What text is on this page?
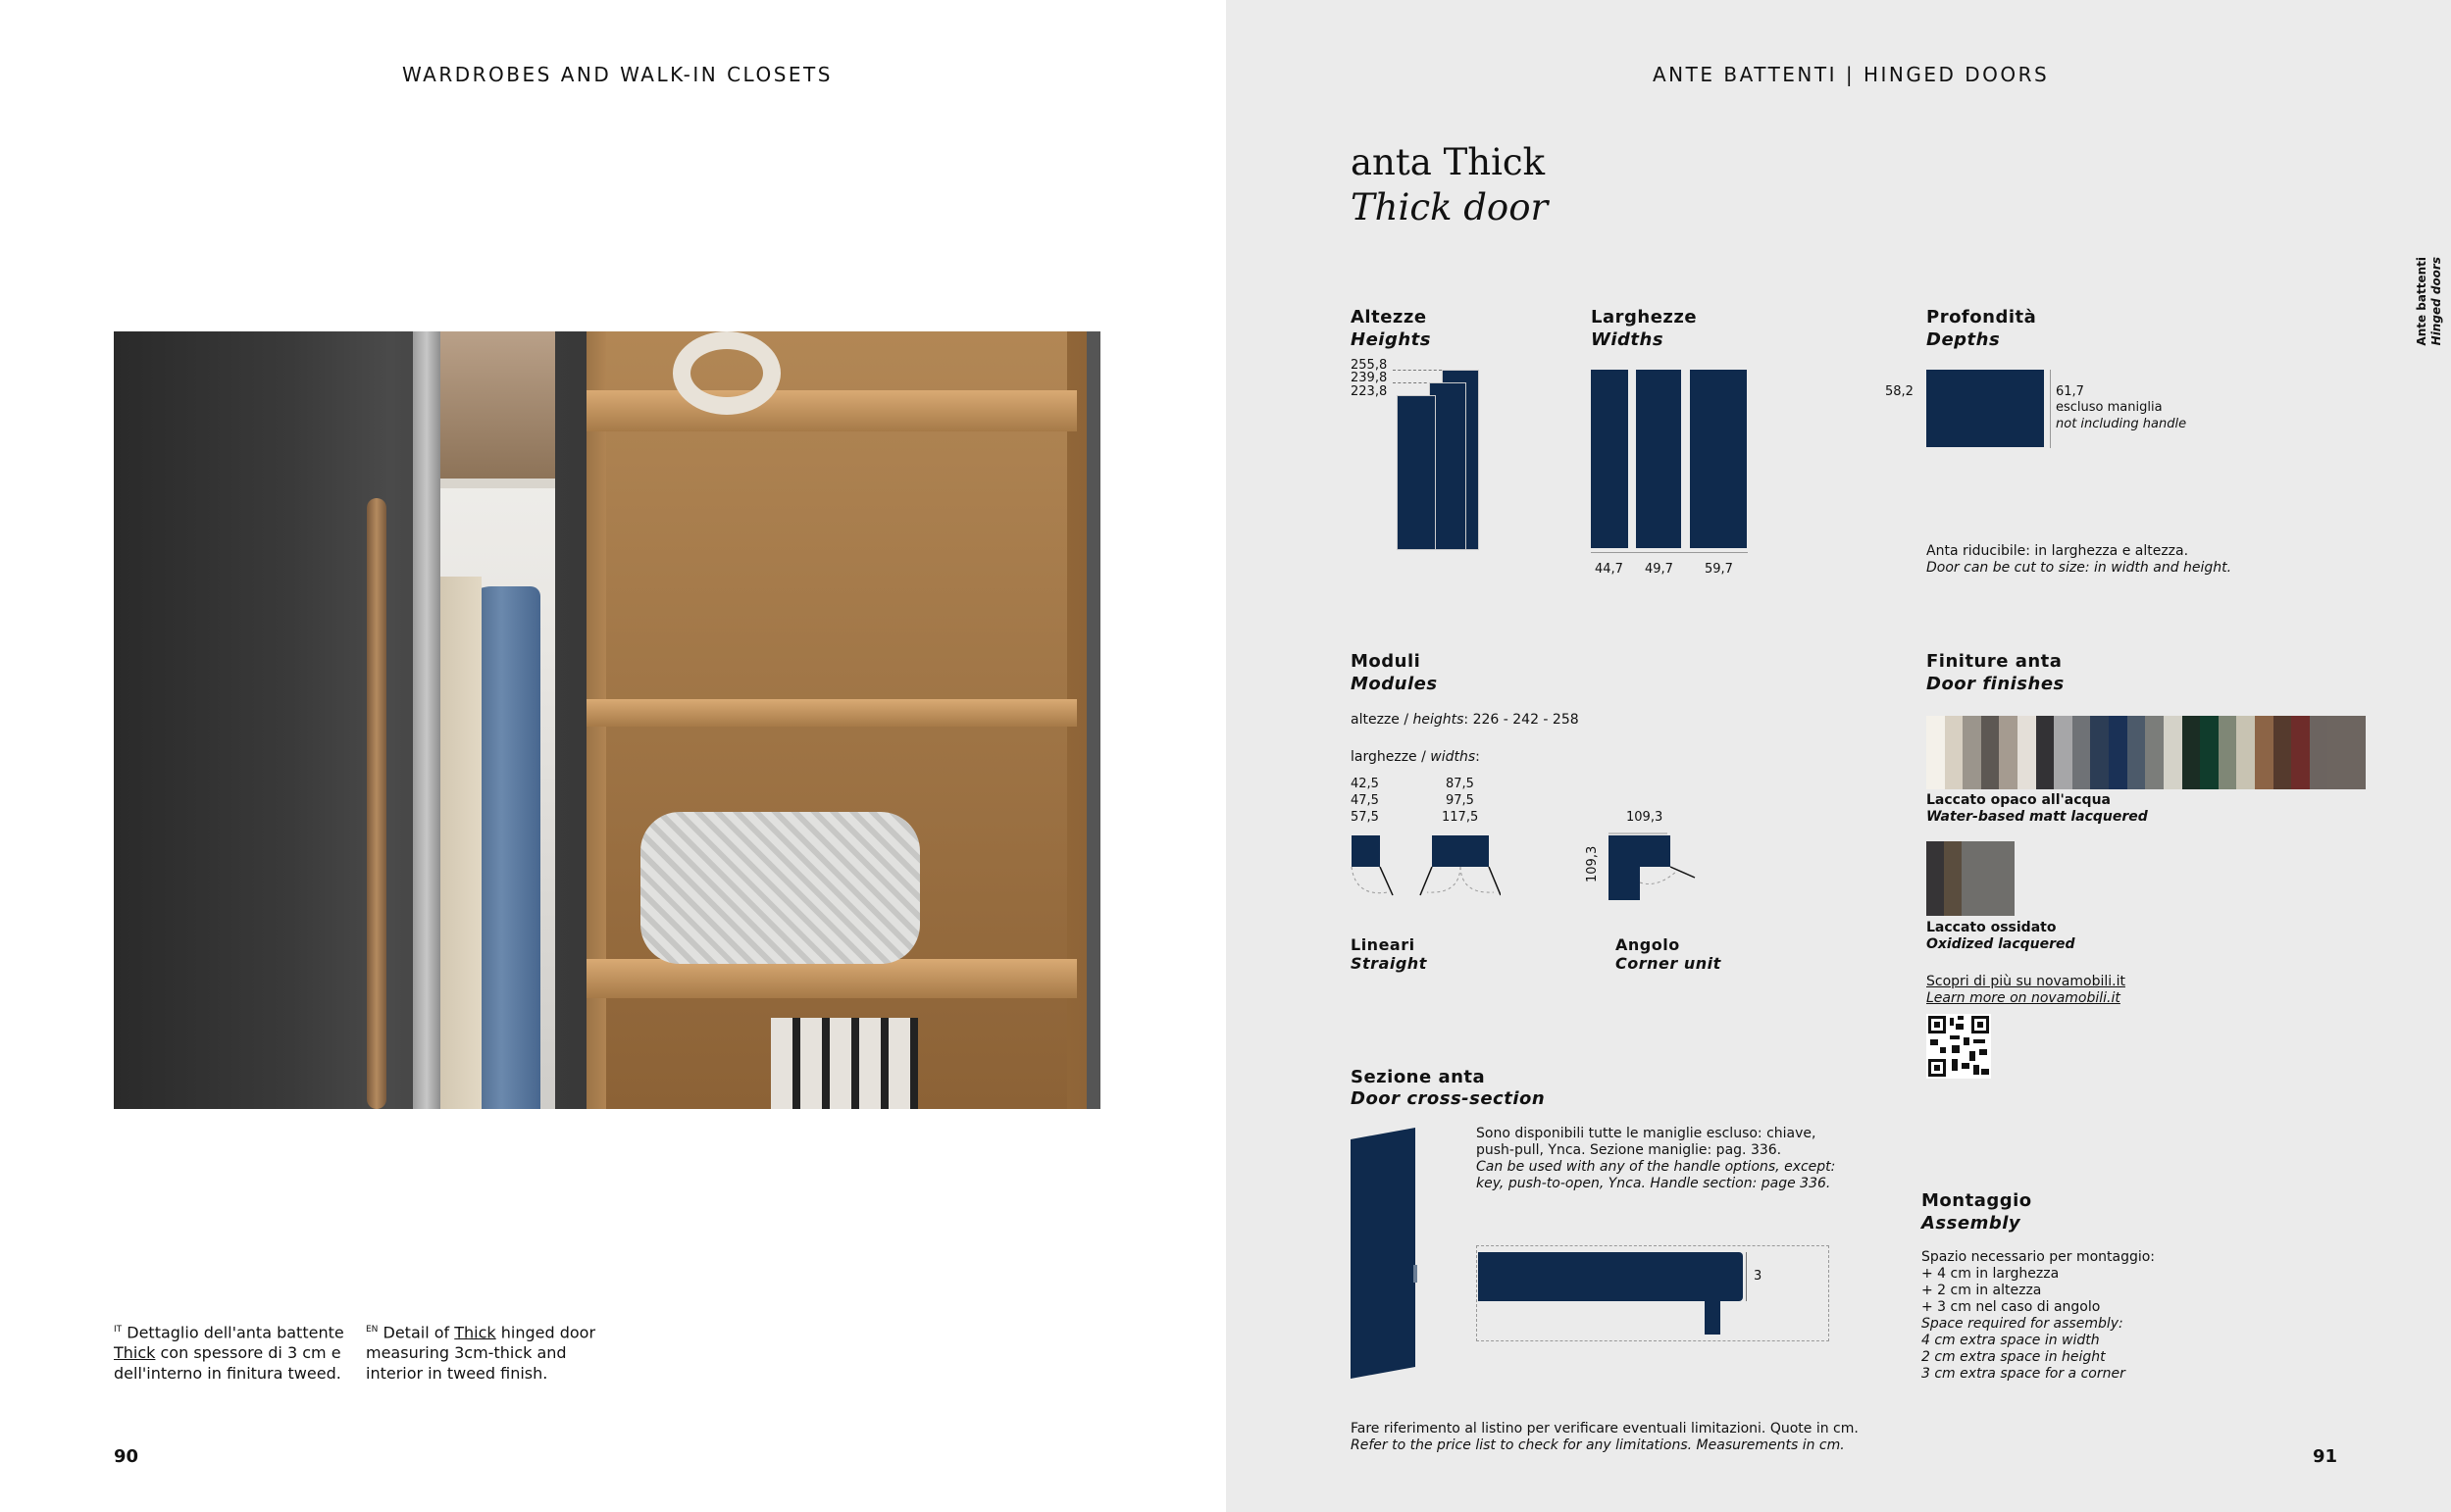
WARDROBES AND WALK-IN CLOSETS
$^{IT}$ Dettaglio dell'anta battente Thick con spessore di 3 cm e dell'interno in finitura tweed.
$^{EN}$ Detail of Thick hinged door measuring 3cm-thick and interior in tweed finish.
90
ANTE BATTENTI | HINGED DOORS
Ante battenti Hinged doors
anta Thick
Thick door
Altezze
Heights
255,8
239,8
223,8
Larghezze
Widths
44,7 49,7 59,7
Profondità
Depths
58,2	61,7
escluso maniglia
not including handle
Anta riducibile: in larghezza e altezza.
Door can be cut to size: in width and height.
Moduli
Modules
altezze / heights: 226 - 242 - 258
larghezze / widths:
42,5
47,5
57,5
87,5
97,5
117,5	109,3
109,3
Lineari
Straight
Angolo
Corner unit
Finiture anta
Door finishes
Laccato opaco all'acqua
Water-based matt lacquered
Laccato ossidato
Oxidized lacquered
Scopri di più su novamobili.it
Learn more on novamobili.it
Sezione anta
Door cross-section
Sono disponibili tutte le maniglie escluso: chiave, push-pull, Ynca. Sezione maniglie: pag. 336.
Can be used with any of the handle options, except: key, push-to-open, Ynca. Handle section: page 336.
3
Montaggio
Assembly
Spazio necessario per montaggio:
+ 4 cm in larghezza
+ 2 cm in altezza
+ 3 cm nel caso di angolo
Space required for assembly:
4 cm extra space in width
2 cm extra space in height
3 cm extra space for a corner
Fare riferimento al listino per verificare eventuali limitazioni. Quote in cm.
Refer to the price list to check for any limitations. Measurements in cm.
91
